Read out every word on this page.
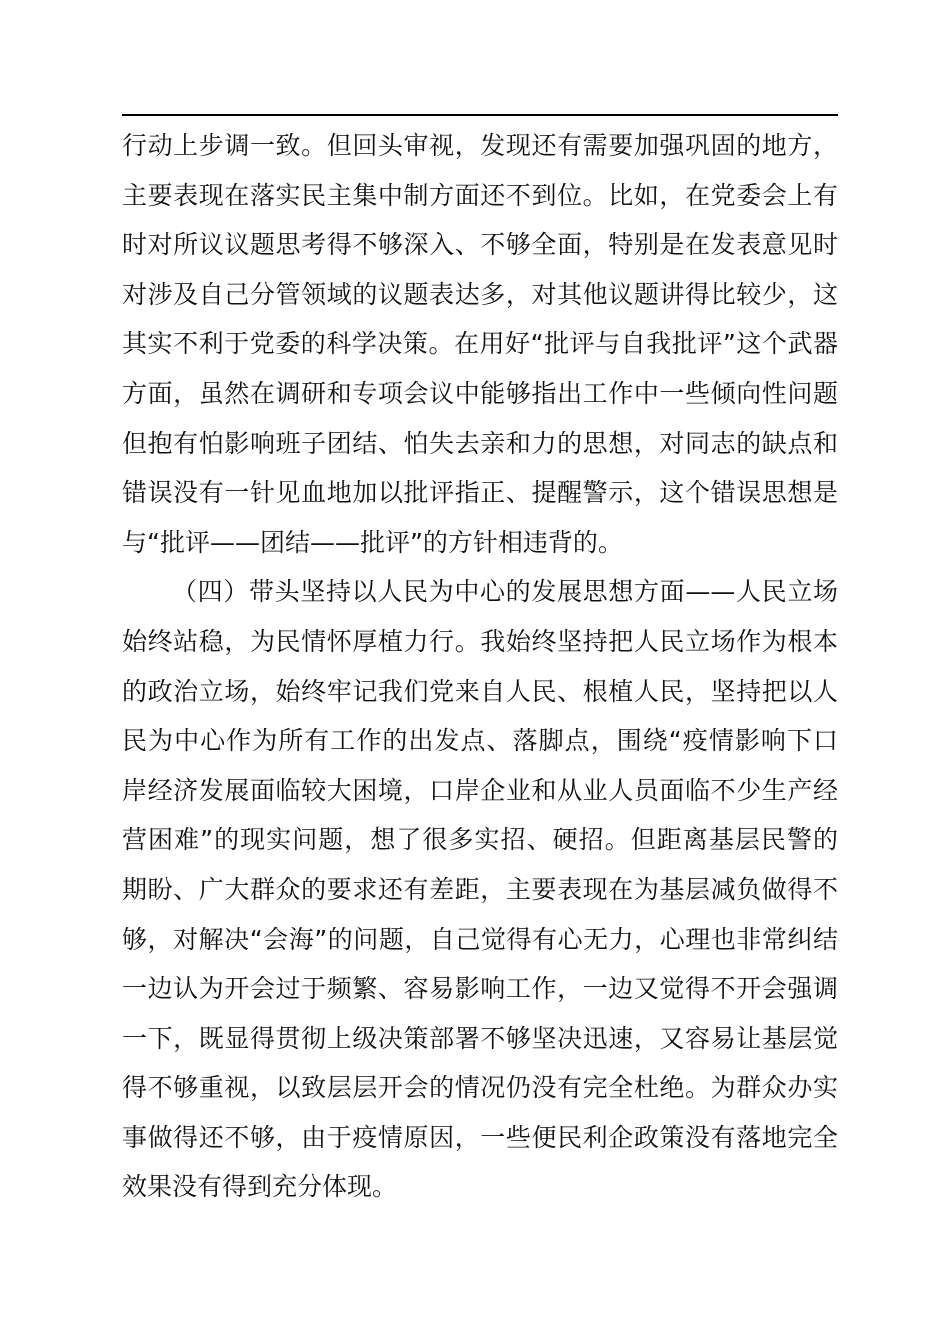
行动上步调一致。但回头审视，发现还有需要加强巩固的地方，
主要表现在落实民主集中制方面还不到位。比如，在党委会上有
时对所议议题思考得不够深入、不够全面，特别是在发表意见时
对涉及自己分管领域的议题表达多，对其他议题讲得比较少，这
其实不利于党委的科学决策。在用好“批评与自我批评”这个武器
方面，虽然在调研和专项会议中能够指出工作中一些倾向性问题
但抱有怕影响班子团结、怕失去亲和力的思想，对同志的缺点和
错误没有一针见血地加以批评指正、提醒警示，这个错误思想是
与“批评——团结——批评”的方针相违背的。
（四）带头坚持以人民为中心的发展思想方面——人民立场
始终站稳，为民情怀厚植力行。我始终坚持把人民立场作为根本
的政治立场，始终牢记我们党来自人民、根植人民，坚持把以人
民为中心作为所有工作的出发点、落脚点，围绕“疫情影响下口
岸经济发展面临较大困境，口岸企业和从业人员面临不少生产经
营困难”的现实问题，想了很多实招、硬招。但距离基层民警的
期盼、广大群众的要求还有差距，主要表现在为基层减负做得不
够，对解决“会海”的问题，自己觉得有心无力，心理也非常纠结
一边认为开会过于频繁、容易影响工作，一边又觉得不开会强调
一下，既显得贯彻上级决策部署不够坚决迅速，又容易让基层觉
得不够重视，以致层层开会的情况仍没有完全杜绝。为群众办实
事做得还不够，由于疫情原因，一些便民利企政策没有落地完全
效果没有得到充分体现。
